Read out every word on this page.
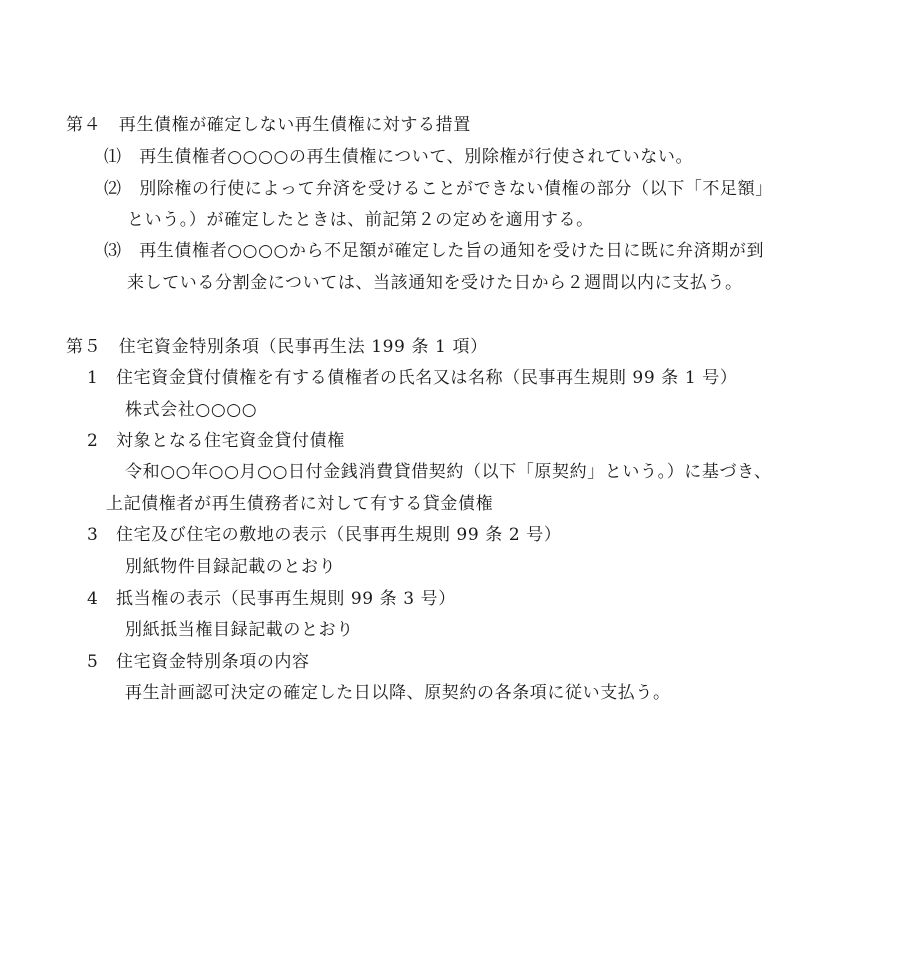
第４　再生債権が確定しない再生債権に対する措置
⑴　再生債権者○○○○の再生債権について、別除権が行使されていない。
⑵　別除権の行使によって弁済を受けることができない債権の部分（以下「不足額」
という。）が確定したときは、前記第２の定めを適用する。
⑶　再生債権者○○○○から不足額が確定した旨の通知を受けた日に既に弁済期が到
来している分割金については、当該通知を受けた日から２週間以内に支払う。
第５　住宅資金特別条項（民事再生法 199 条 1 項）
1　住宅資金貸付債権を有する債権者の氏名又は名称（民事再生規則 99 条 1 号）
株式会社○○○○
2　対象となる住宅資金貸付債権
令和○○年○○月○○日付金銭消費貸借契約（以下「原契約」という。）に基づき、
上記債権者が再生債務者に対して有する貸金債権
3　住宅及び住宅の敷地の表示（民事再生規則 99 条 2 号）
別紙物件目録記載のとおり
4　抵当権の表示（民事再生規則 99 条 3 号）
別紙抵当権目録記載のとおり
5　住宅資金特別条項の内容
再生計画認可決定の確定した日以降、原契約の各条項に従い支払う。
